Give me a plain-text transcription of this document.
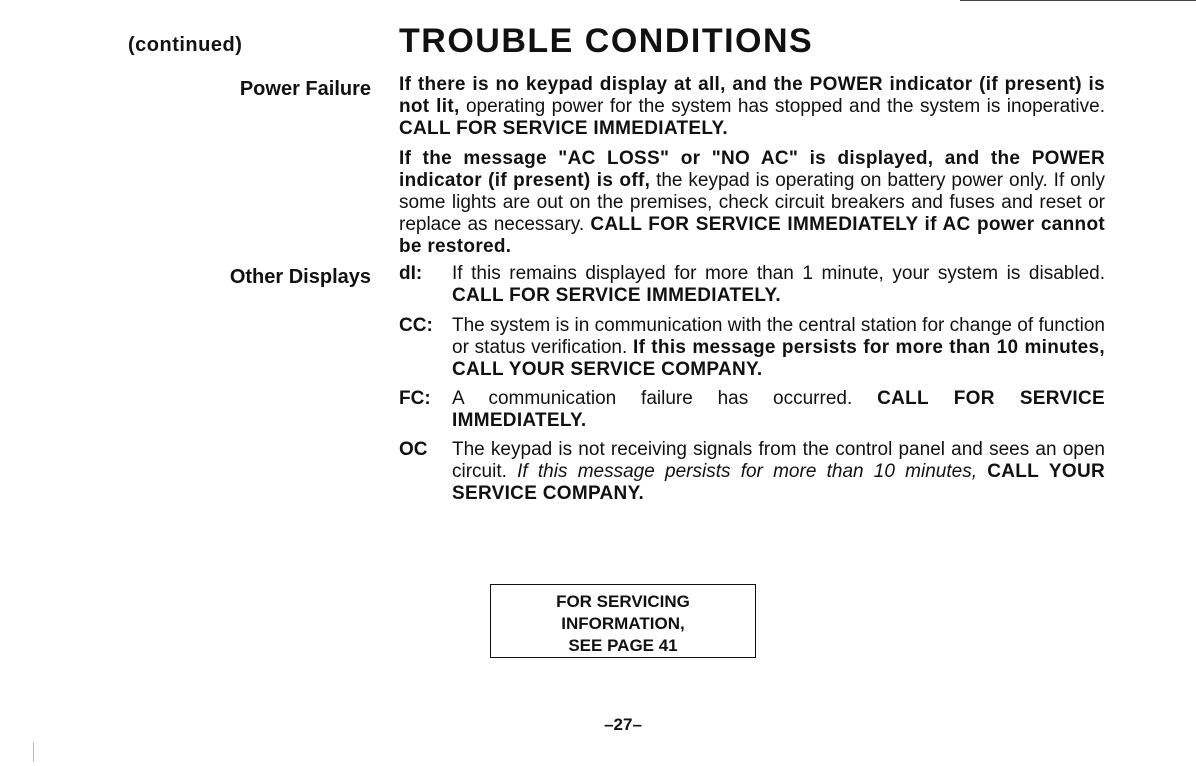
(continued)	TROUBLE CONDITIONS
Power Failure If there is no keypad display at all, and the POWER indicator (if present) is not lit, operating power for the system has stopped and the system is inoperative. CALL FOR SERVICE IMMEDIATELY.

If the message "AC LOSS" or "NO AC" is displayed, and the POWER indicator (if present) is off, the keypad is operating on battery power only. If only some lights are out on the premises, check circuit breakers and fuses and reset or replace as necessary. CALL FOR SERVICE IMMEDIATELY if AC power cannot be restored.

Other Displays dI:	If this remains displayed for more than 1 minute, your system is disabled. CALL FOR SERVICE IMMEDIATELY.
CC:	The system is in communication with the central station for change of function or status verification. If this message persists for more than 10 minutes, CALL YOUR SERVICE COMPANY.
FC:	A communication failure has occurred. CALL FOR SERVICE IMMEDIATELY.
OC	The keypad is not receiving signals from the control panel and sees an open circuit. If this message persists for more than 10 minutes, CALL YOUR SERVICE COMPANY.
FOR SERVICING
INFORMATION,
SEE PAGE 41
–27–
